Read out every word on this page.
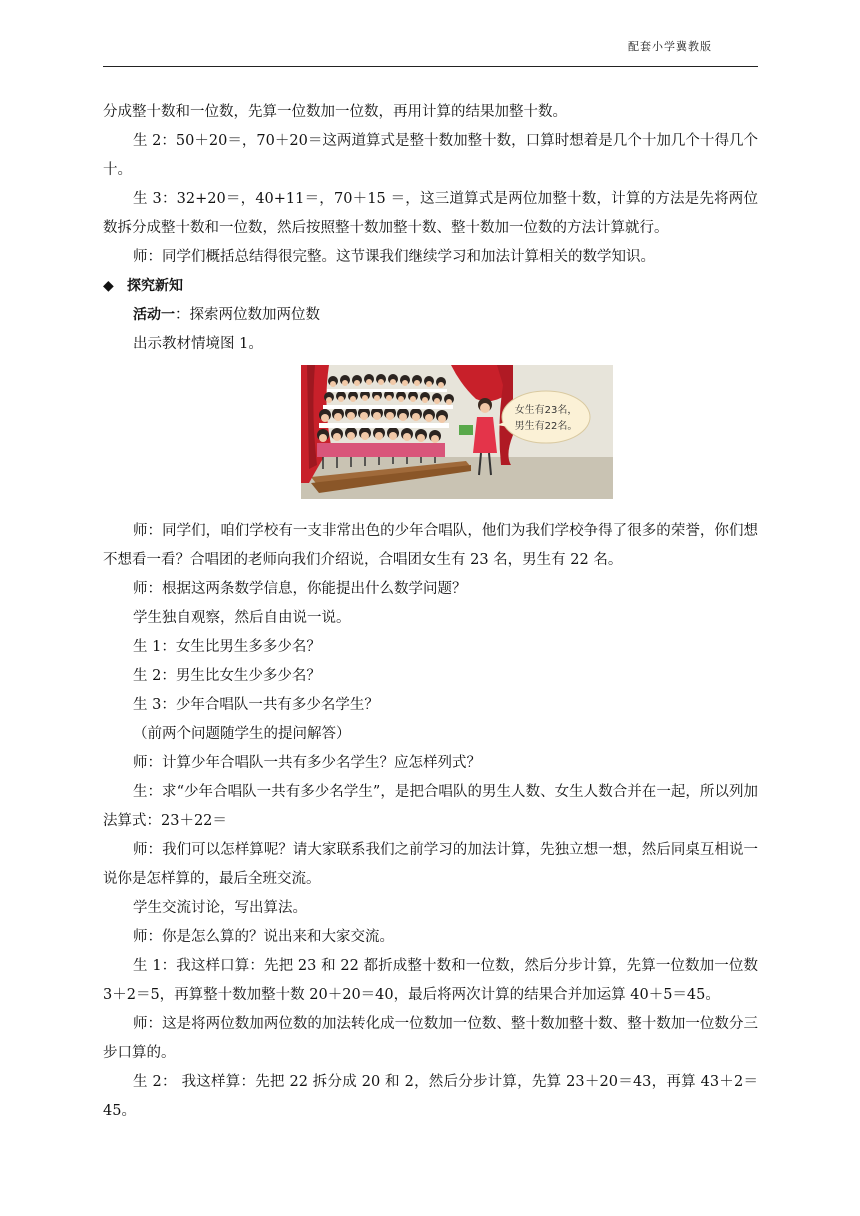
配套小学冀教版

分成整十数和一位数，先算一位数加一位数，再用计算的结果加整十数。

生 2：50＋20＝，70＋20＝这两道算式是整十数加整十数，口算时想着是几个十加几个十得几个十。

生 3：32+20＝，40+11＝，70＋15 ＝，这三道算式是两位加整十数，计算的方法是先将两位数拆分成整十数和一位数，然后按照整十数加整十数、整十数加一位数的方法计算就行。

师：同学们概括总结得很完整。这节课我们继续学习和加法计算相关的数学知识。

◆ 探究新知

活动一：探索两位数加两位数

出示教材情境图 1。

女生有23名，
男生有22名。

师：同学们，咱们学校有一支非常出色的少年合唱队，他们为我们学校争得了很多的荣誉，你们想不想看一看？合唱团的老师向我们介绍说，合唱团女生有 23 名，男生有 22 名。

师：根据这两条数学信息，你能提出什么数学问题？

学生独自观察，然后自由说一说。

生 1：女生比男生多多少名？

生 2：男生比女生少多少名？

生 3：少年合唱队一共有多少名学生？

（前两个问题随学生的提问解答）

师：计算少年合唱队一共有多少名学生？应怎样列式？

生：求“少年合唱队一共有多少名学生”，是把合唱队的男生人数、女生人数合并在一起，所以列加法算式：23＋22＝

师：我们可以怎样算呢？请大家联系我们之前学习的加法计算，先独立想一想，然后同桌互相说一说你是怎样算的，最后全班交流。

学生交流讨论，写出算法。

师：你是怎么算的？说出来和大家交流。

生 1：我这样口算：先把 23 和 22 都折成整十数和一位数，然后分步计算，先算一位数加一位数 3＋2＝5，再算整十数加整十数 20＋20＝40，最后将两次计算的结果合并加运算 40＋5＝45。

师：这是将两位数加两位数的加法转化成一位数加一位数、整十数加整十数、整十数加一位数分三步口算的。

生 2： 我这样算：先把 22 拆分成 20 和 2，然后分步计算，先算 23＋20＝43，再算 43＋2＝45。
